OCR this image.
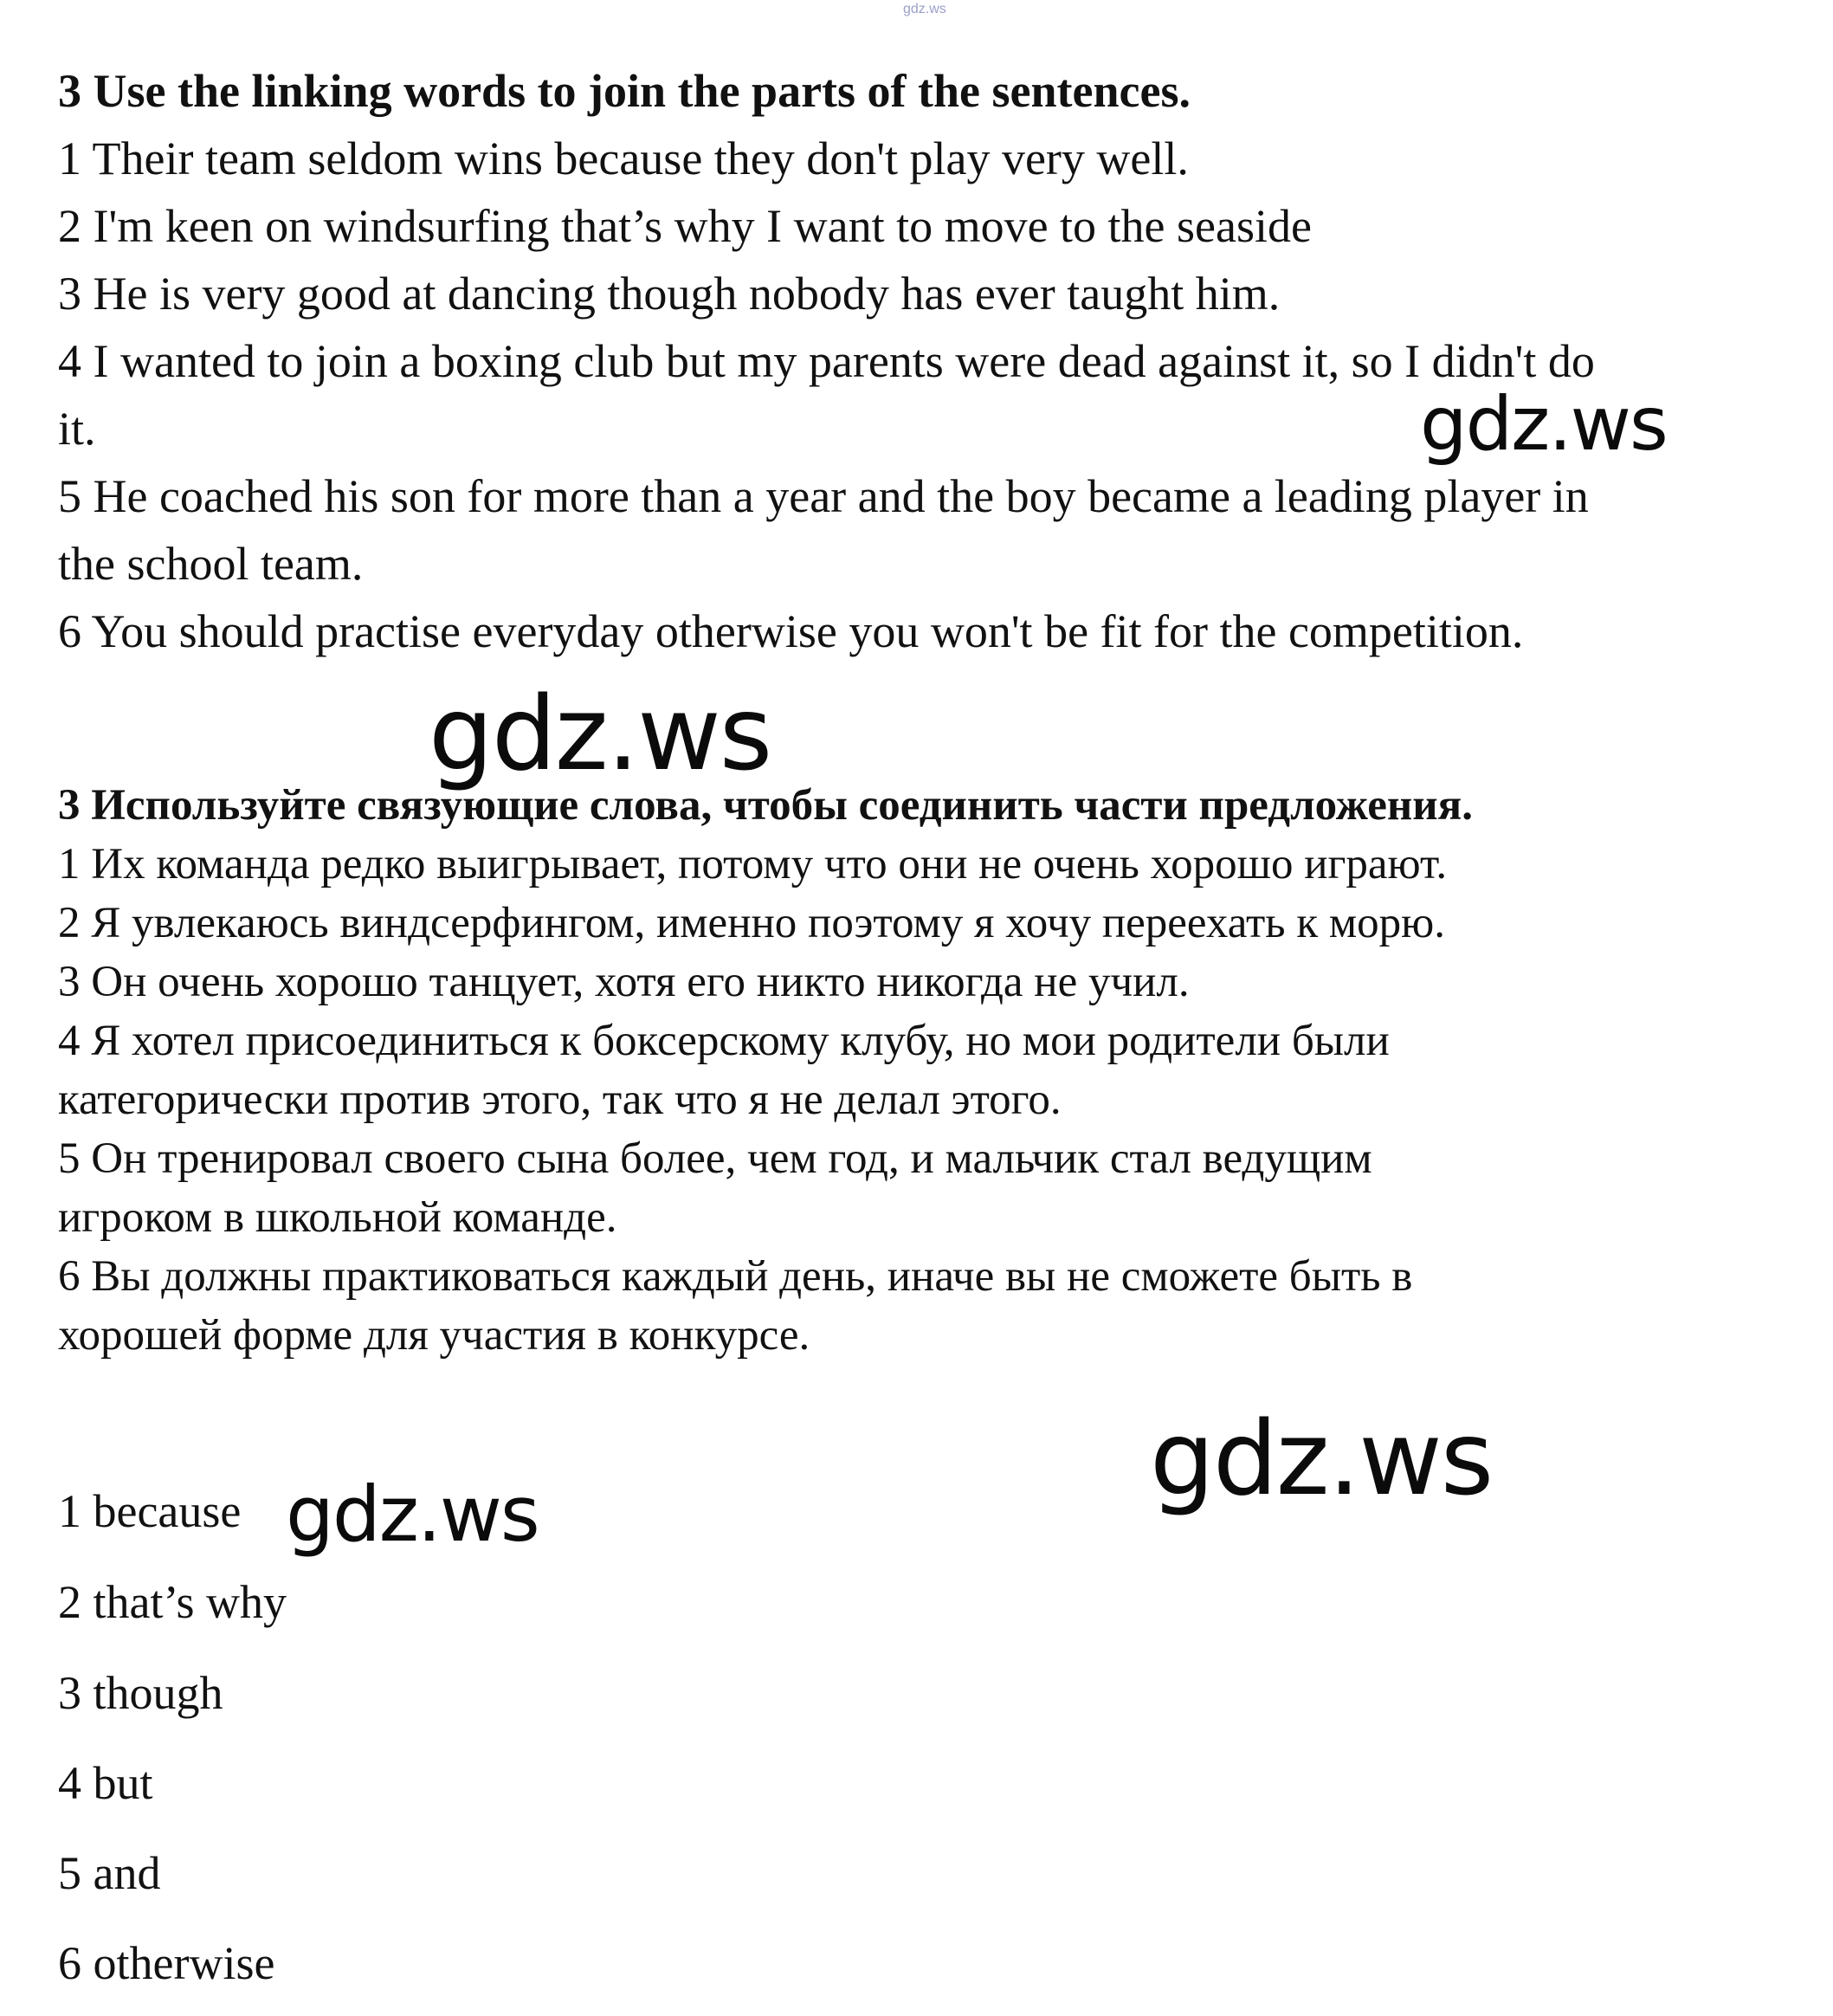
gdz.ws
3 Use the linking words to join the parts of the sentences.
1 Their team seldom wins because they don't play very well.
2 I'm keen on windsurfing that’s why I want to move to the seaside
3 He is very good at dancing though nobody has ever taught him.
4 I wanted to join a boxing club but my parents were dead against it, so I didn't do
it.
5 He coached his son for more than a year and the boy became a leading player in
the school team.
6 You should practise everyday otherwise you won't be fit for the competition.
3 Используйте связующие слова, чтобы соединить части предложения.
1 Их команда редко выигрывает, потому что они не очень хорошо играют.
2 Я увлекаюсь виндсерфингом, именно поэтому я хочу переехать к морю.
3 Он очень хорошо танцует, хотя его никто никогда не учил.
4 Я хотел присоединиться к боксерскому клубу, но мои родители были
категорически против этого, так что я не делал этого.
5 Он тренировал своего сына более, чем год, и мальчик стал ведущим
игроком в школьной команде.
6 Вы должны практиковаться каждый день, иначе вы не сможете быть в
хорошей форме для участия в конкурсе.
1 because
2 that’s why
3 though
4 but
5 and
6 otherwise
gdz.ws
gdz.ws
gdz.ws
gdz.ws
